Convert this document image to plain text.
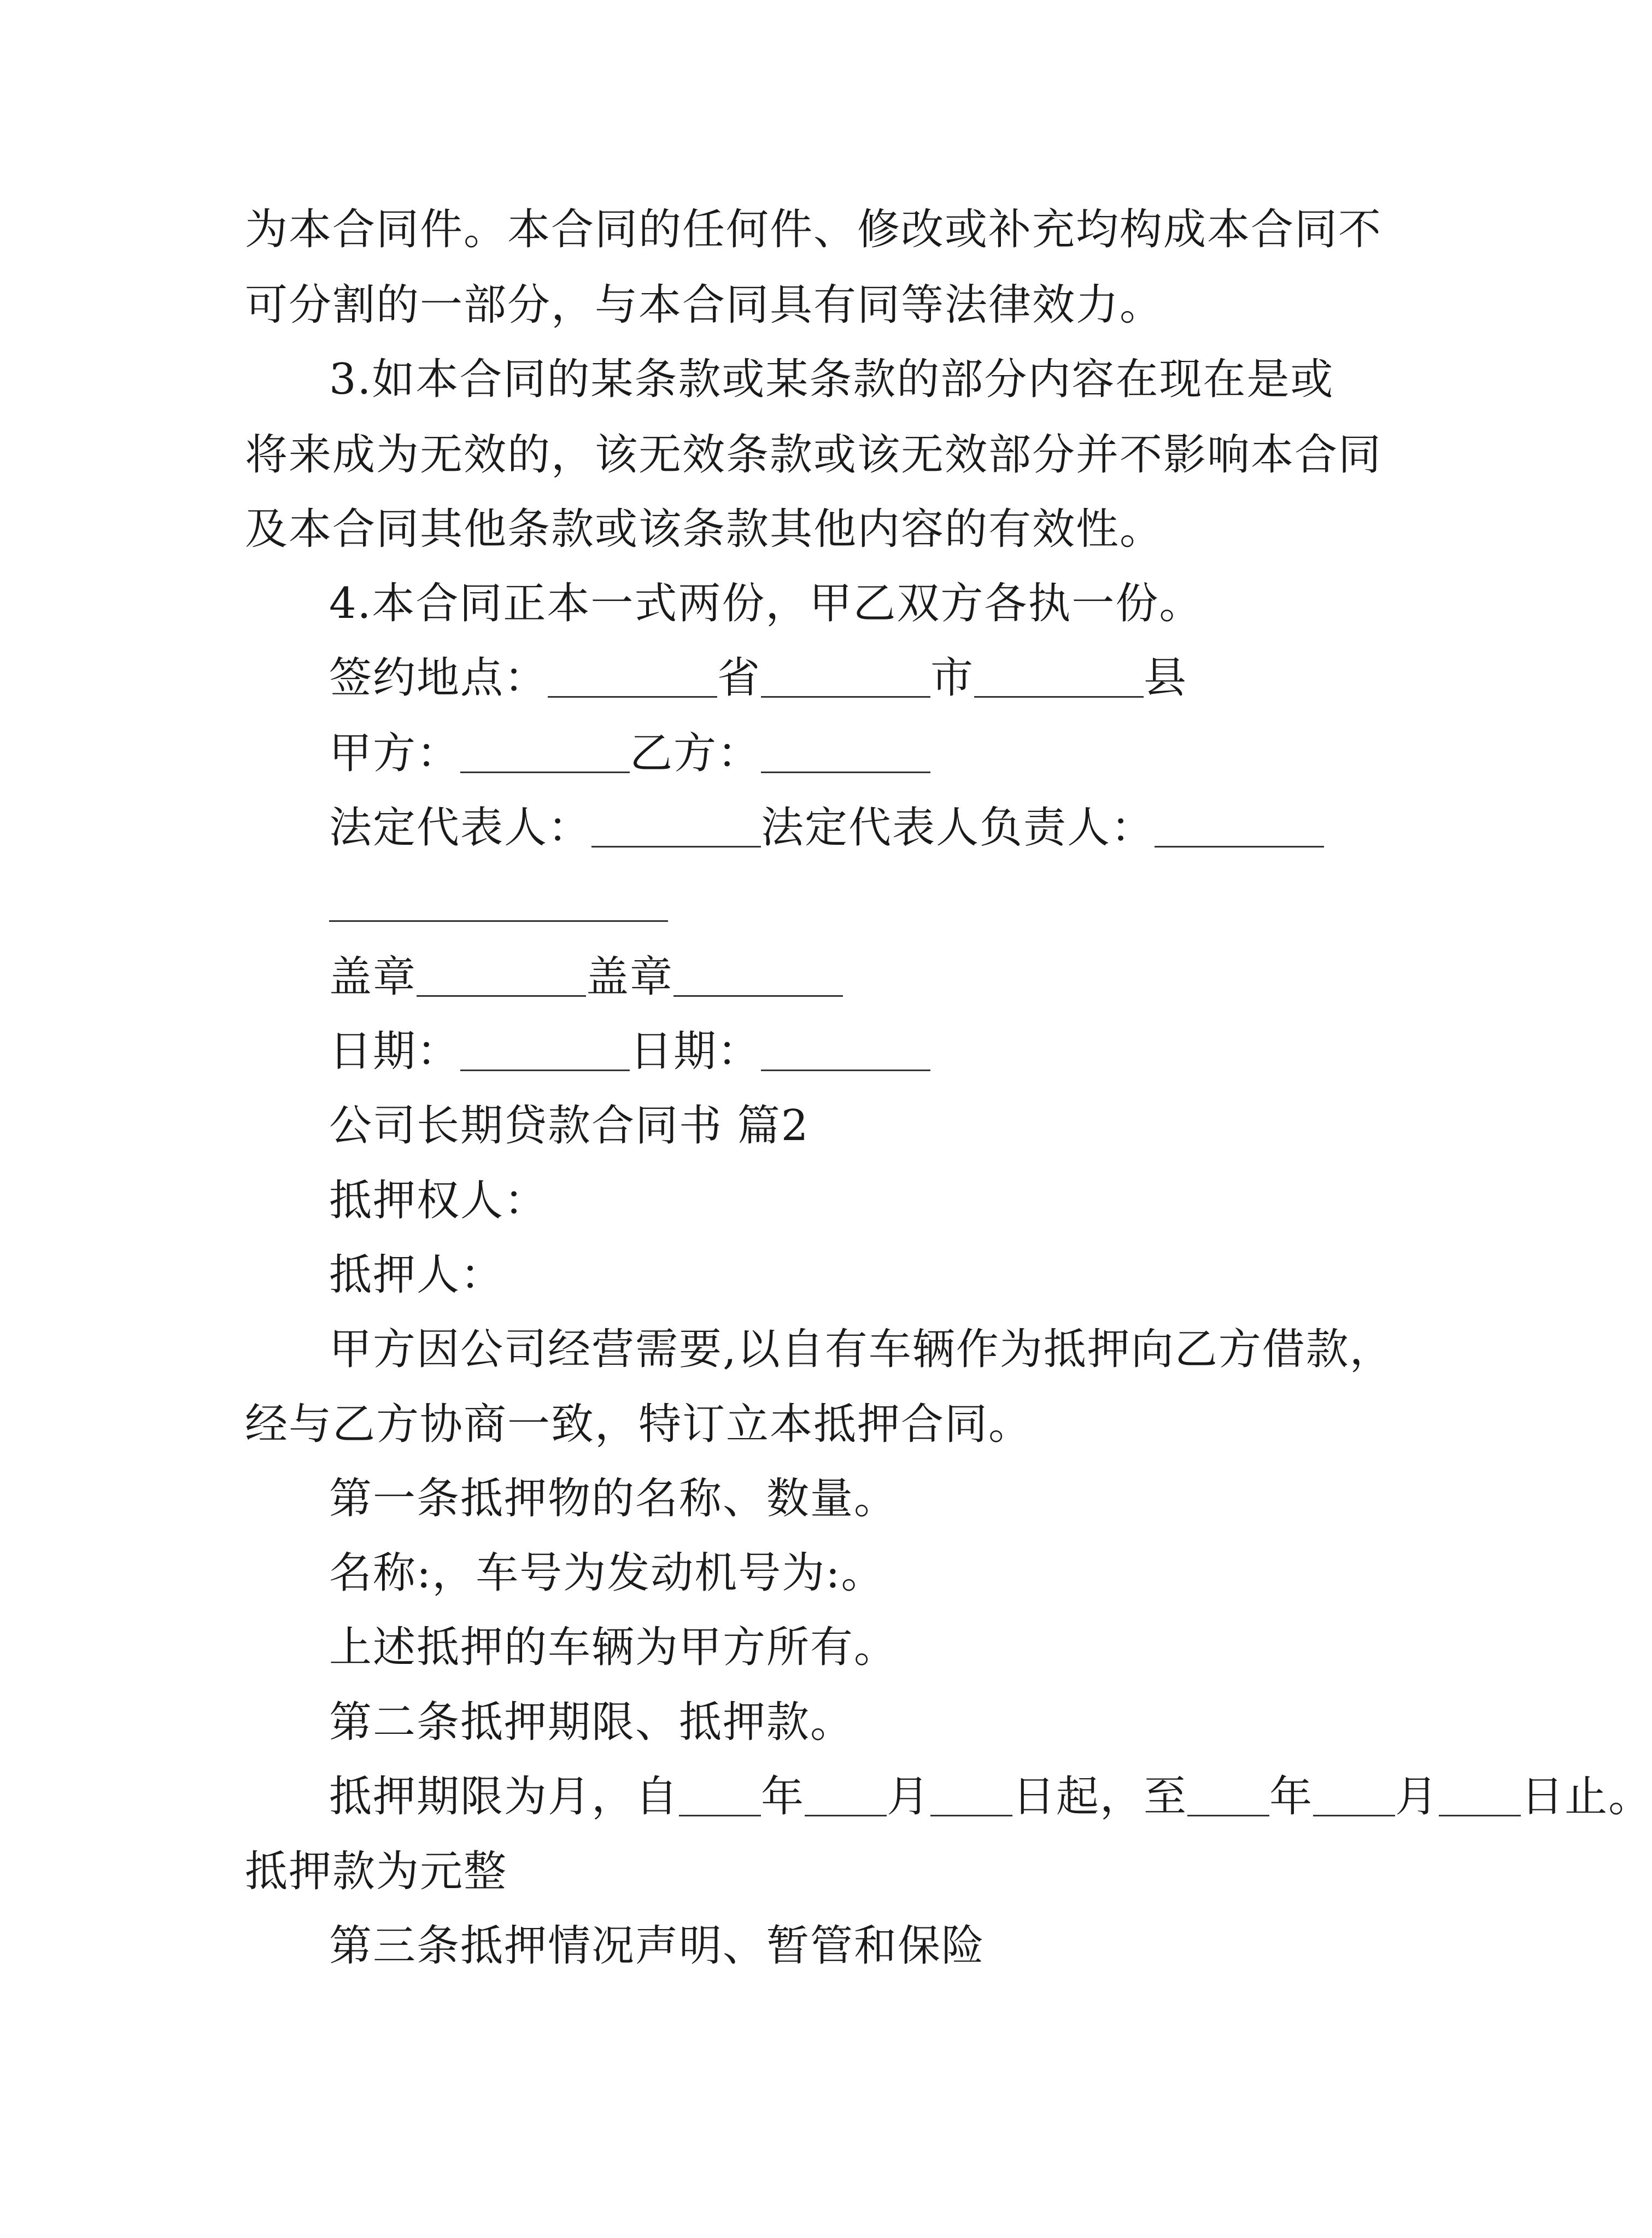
为本合同件。本合同的任何件、修改或补充均构成本合同不
可分割的一部分，与本合同具有同等法律效力。
3.如本合同的某条款或某条款的部分内容在现在是或
将来成为无效的，该无效条款或该无效部分并不影响本合同
及本合同其他条款或该条款其他内容的有效性。
4.本合同正本一式两份，甲乙双方各执一份。
签约地点：	省	市	县
甲方：	乙方：
法定代表人：	法定代表人负责人：
盖章	盖章
日期：	日期：
公司长期贷款合同书 篇2
抵押权人：
抵押人：
甲方因公司经营需要,以自有车辆作为抵押向乙方借款，
经与乙方协商一致，特订立本抵押合同。
第一条抵押物的名称、数量。
名称:，车号为发动机号为:。
上述抵押的车辆为甲方所有。
第二条抵押期限、抵押款。
抵押期限为月，自 年 月 日起，至 年 月 日止。
抵押款为元整
第三条抵押情况声明、暂管和保险
